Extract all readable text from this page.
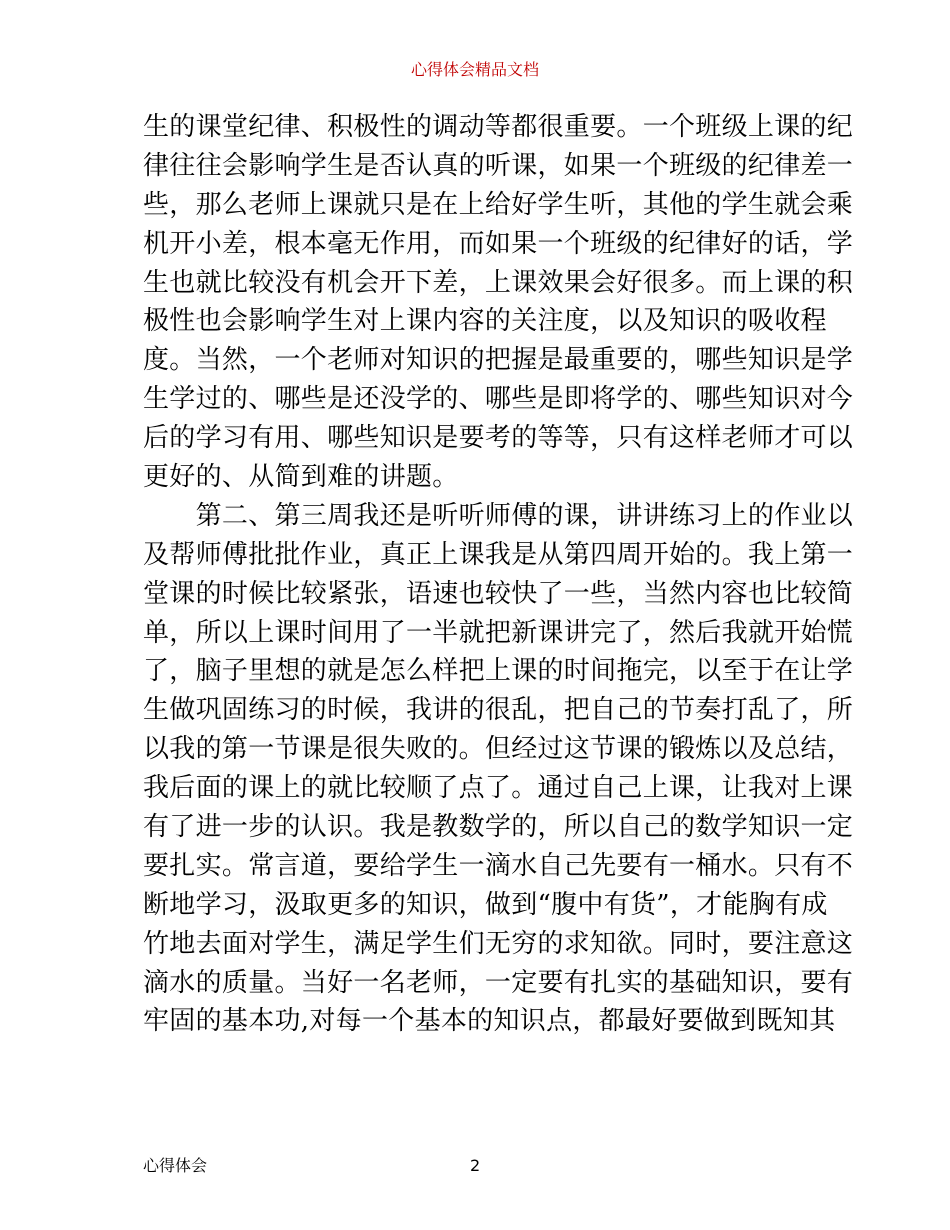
心得体会精品文档
生的课堂纪律、积极性的调动等都很重要。一个班级上课的纪
律往往会影响学生是否认真的听课，如果一个班级的纪律差一
些，那么老师上课就只是在上给好学生听，其他的学生就会乘
机开小差，根本毫无作用，而如果一个班级的纪律好的话，学
生也就比较没有机会开下差，上课效果会好很多。而上课的积
极性也会影响学生对上课内容的关注度，以及知识的吸收程
度。当然，一个老师对知识的把握是最重要的，哪些知识是学
生学过的、哪些是还没学的、哪些是即将学的、哪些知识对今
后的学习有用、哪些知识是要考的等等，只有这样老师才可以
更好的、从简到难的讲题。
　　第二、第三周我还是听听师傅的课，讲讲练习上的作业以
及帮师傅批批作业，真正上课我是从第四周开始的。我上第一
堂课的时候比较紧张，语速也较快了一些，当然内容也比较简
单，所以上课时间用了一半就把新课讲完了，然后我就开始慌
了，脑子里想的就是怎么样把上课的时间拖完，以至于在让学
生做巩固练习的时候，我讲的很乱，把自己的节奏打乱了，所
以我的第一节课是很失败的。但经过这节课的锻炼以及总结，
我后面的课上的就比较顺了点了。通过自己上课，让我对上课
有了进一步的认识。我是教数学的，所以自己的数学知识一定
要扎实。常言道，要给学生一滴水自己先要有一桶水。只有不
断地学习，汲取更多的知识，做到“腹中有货”，才能胸有成
竹地去面对学生，满足学生们无穷的求知欲。同时，要注意这
滴水的质量。当好一名老师，一定要有扎实的基础知识，要有
牢固的基本功,对每一个基本的知识点，都最好要做到既知其
心得体会	2
